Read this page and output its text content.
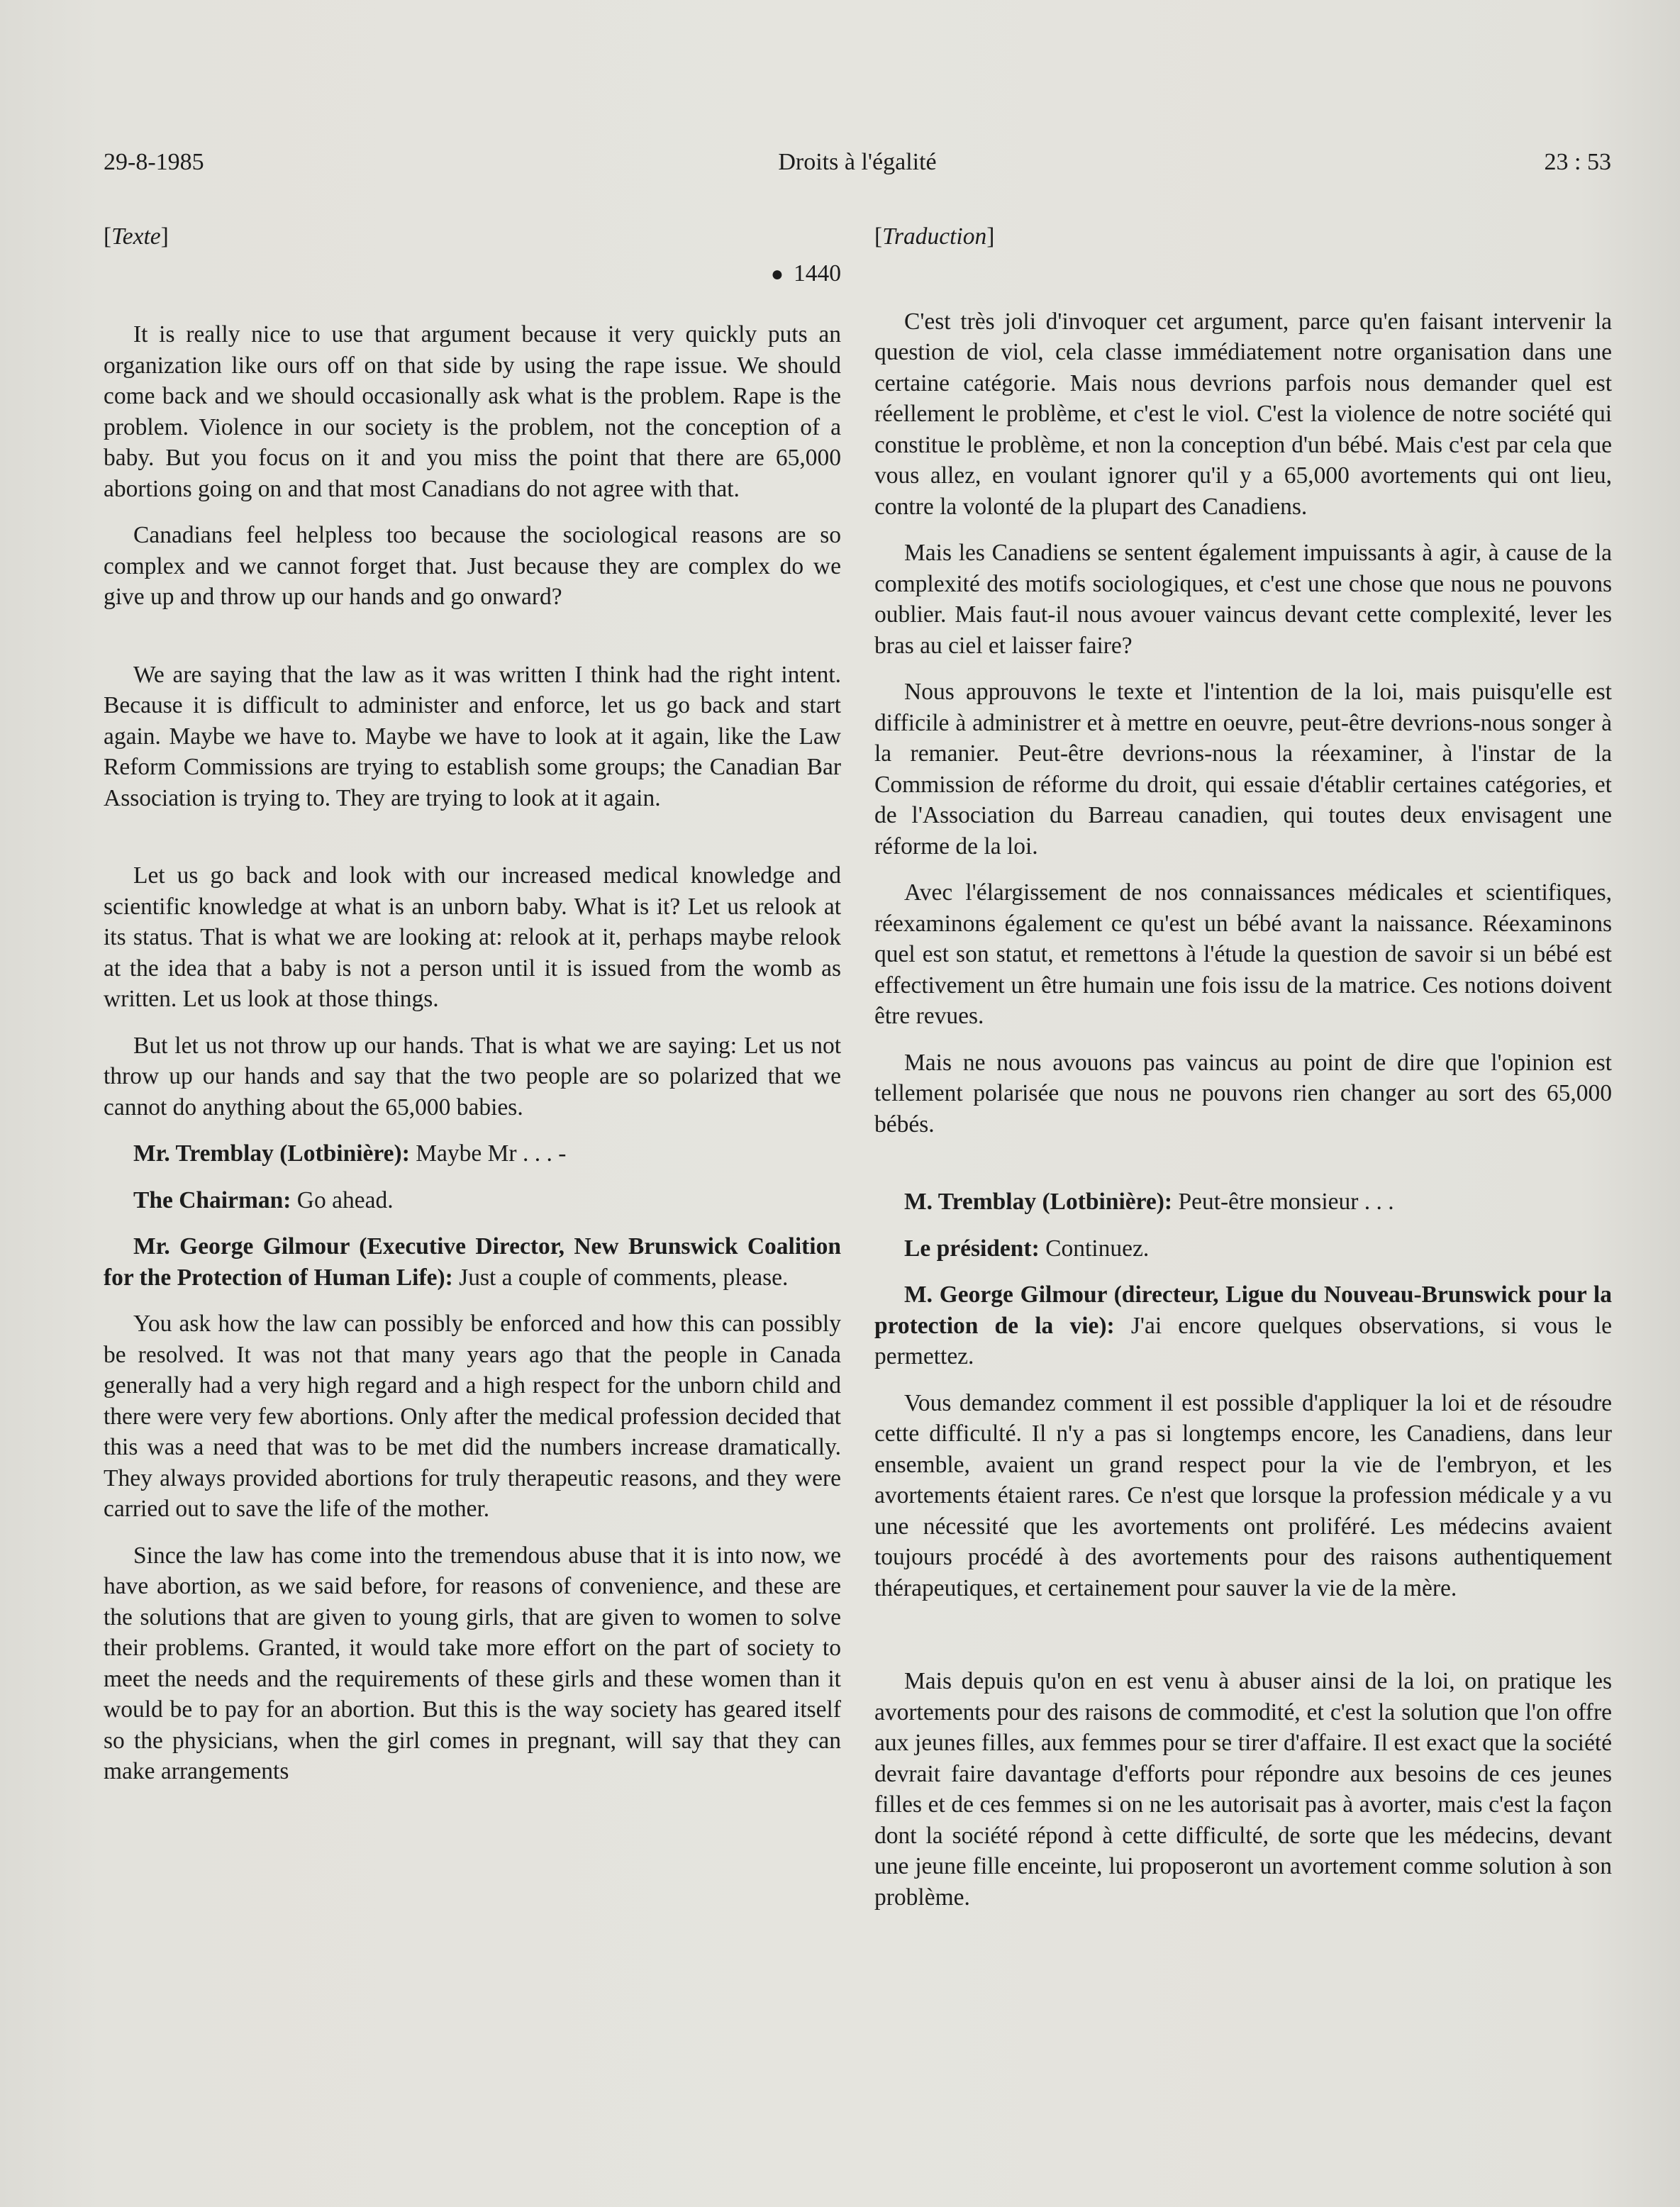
29-8-1985	Droits à l'égalité	23 : 53
[Texte]
● 1440

It is really nice to use that argument because it very quickly puts an organization like ours off on that side by using the rape issue. We should come back and we should occasionally ask what is the problem. Rape is the problem. Violence in our society is the problem, not the conception of a baby. But you focus on it and you miss the point that there are 65,000 abortions going on and that most Canadians do not agree with that.

Canadians feel helpless too because the sociological reasons are so complex and we cannot forget that. Just because they are complex do we give up and throw up our hands and go onward?

We are saying that the law as it was written I think had the right intent. Because it is difficult to administer and enforce, let us go back and start again. Maybe we have to. Maybe we have to look at it again, like the Law Reform Commissions are trying to establish some groups; the Canadian Bar Association is trying to. They are trying to look at it again.

Let us go back and look with our increased medical knowledge and scientific knowledge at what is an unborn baby. What is it? Let us relook at its status. That is what we are looking at: relook at it, perhaps maybe relook at the idea that a baby is not a person until it is issued from the womb as written. Let us look at those things.

But let us not throw up our hands. That is what we are saying: Let us not throw up our hands and say that the two people are so polarized that we cannot do anything about the 65,000 babies.

Mr. Tremblay (Lotbinière): Maybe Mr . . . -

The Chairman: Go ahead.

Mr. George Gilmour (Executive Director, New Brunswick Coalition for the Protection of Human Life): Just a couple of comments, please.

You ask how the law can possibly be enforced and how this can possibly be resolved. It was not that many years ago that the people in Canada generally had a very high regard and a high respect for the unborn child and there were very few abortions. Only after the medical profession decided that this was a need that was to be met did the numbers increase dramatically. They always provided abortions for truly therapeutic reasons, and they were carried out to save the life of the mother.

Since the law has come into the tremendous abuse that it is into now, we have abortion, as we said before, for reasons of convenience, and these are the solutions that are given to young girls, that are given to women to solve their problems. Granted, it would take more effort on the part of society to meet the needs and the requirements of these girls and these women than it would be to pay for an abortion. But this is the way society has geared itself so the physicians, when the girl comes in pregnant, will say that they can make arrangements

[Traduction]

C'est très joli d'invoquer cet argument, parce qu'en faisant intervenir la question de viol, cela classe immédiatement notre organisation dans une certaine catégorie. Mais nous devrions parfois nous demander quel est réellement le problème, et c'est le viol. C'est la violence de notre société qui constitue le problème, et non la conception d'un bébé. Mais c'est par cela que vous allez, en voulant ignorer qu'il y a 65,000 avortements qui ont lieu, contre la volonté de la plupart des Canadiens.

Mais les Canadiens se sentent également impuissants à agir, à cause de la complexité des motifs sociologiques, et c'est une chose que nous ne pouvons oublier. Mais faut-il nous avouer vaincus devant cette complexité, lever les bras au ciel et laisser faire?

Nous approuvons le texte et l'intention de la loi, mais puisqu'elle est difficile à administrer et à mettre en oeuvre, peut-être devrions-nous songer à la remanier. Peut-être devrions-nous la réexaminer, à l'instar de la Commission de réforme du droit, qui essaie d'établir certaines catégories, et de l'Association du Barreau canadien, qui toutes deux envisagent une réforme de la loi.

Avec l'élargissement de nos connaissances médicales et scientifiques, réexaminons également ce qu'est un bébé avant la naissance. Réexaminons quel est son statut, et remettons à l'étude la question de savoir si un bébé est effectivement un être humain une fois issu de la matrice. Ces notions doivent être revues.

Mais ne nous avouons pas vaincus au point de dire que l'opinion est tellement polarisée que nous ne pouvons rien changer au sort des 65,000 bébés.

M. Tremblay (Lotbinière): Peut-être monsieur . . .

Le président: Continuez.

M. George Gilmour (directeur, Ligue du Nouveau-Brunswick pour la protection de la vie): J'ai encore quelques observations, si vous le permettez.

Vous demandez comment il est possible d'appliquer la loi et de résoudre cette difficulté. Il n'y a pas si longtemps encore, les Canadiens, dans leur ensemble, avaient un grand respect pour la vie de l'embryon, et les avortements étaient rares. Ce n'est que lorsque la profession médicale y a vu une nécessité que les avortements ont proliféré. Les médecins avaient toujours procédé à des avortements pour des raisons authentiquement thérapeutiques, et certainement pour sauver la vie de la mère.

Mais depuis qu'on en est venu à abuser ainsi de la loi, on pratique les avortements pour des raisons de commodité, et c'est la solution que l'on offre aux jeunes filles, aux femmes pour se tirer d'affaire. Il est exact que la société devrait faire davantage d'efforts pour répondre aux besoins de ces jeunes filles et de ces femmes si on ne les autorisait pas à avorter, mais c'est la façon dont la société répond à cette difficulté, de sorte que les médecins, devant une jeune fille enceinte, lui proposeront un avortement comme solution à son problème.
